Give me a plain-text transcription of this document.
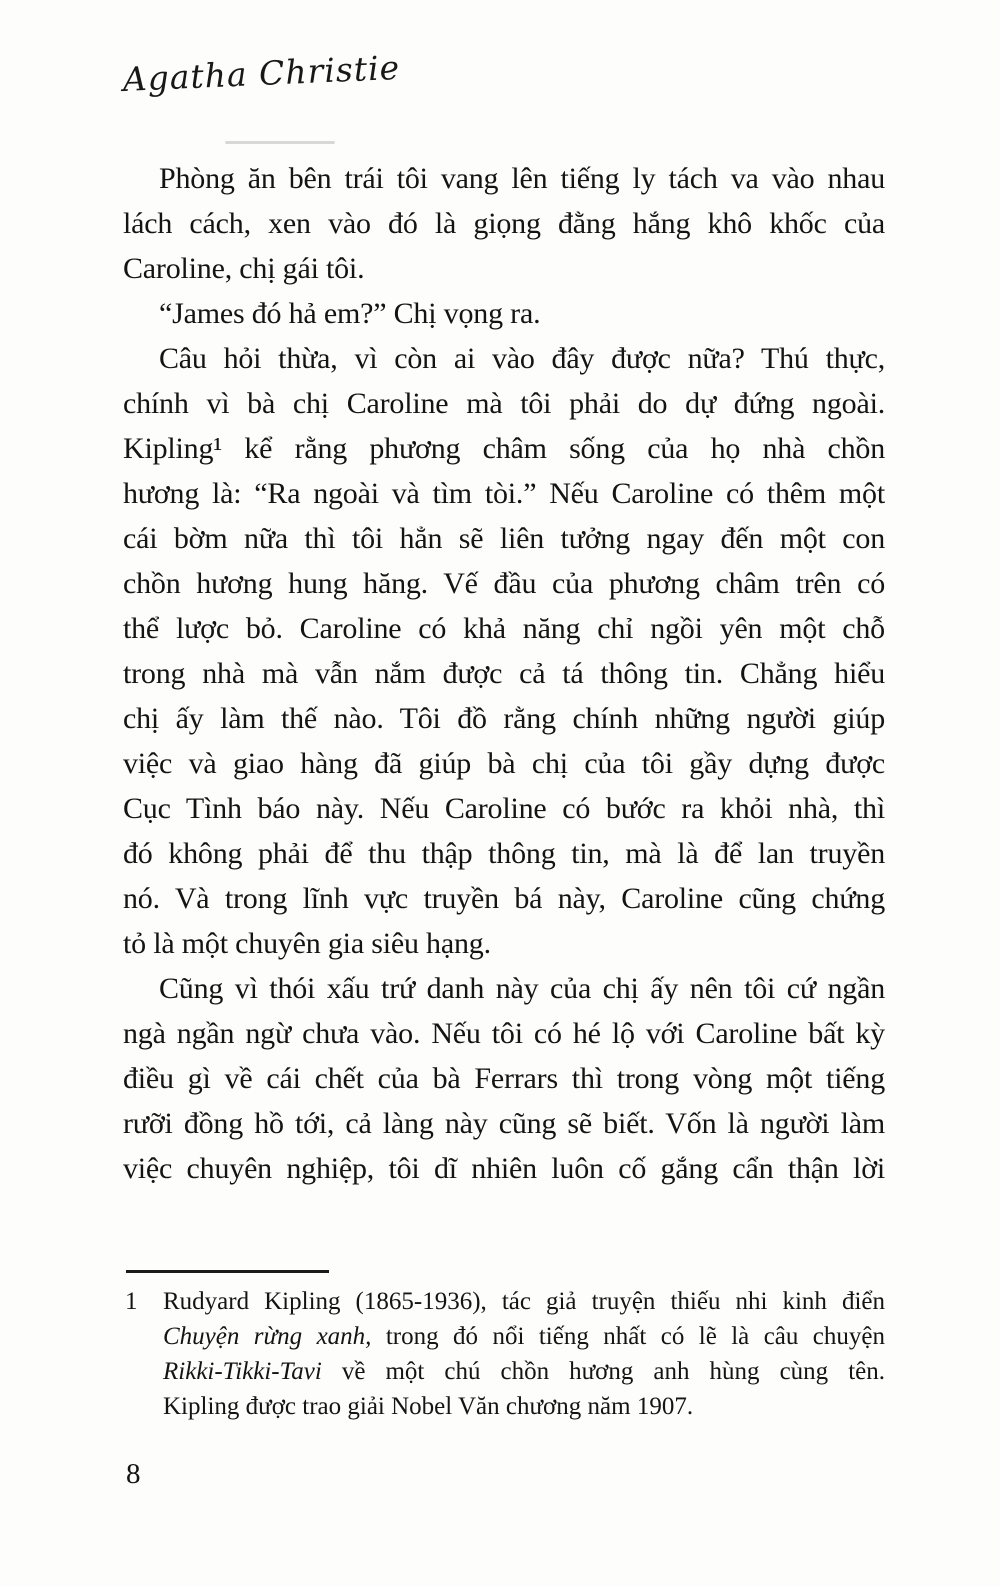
Agatha Christie
Phòng ăn bên trái tôi vang lên tiếng ly tách va vào nhau
lách cách, xen vào đó là giọng đằng hắng khô khốc của
Caroline, chị gái tôi.
“James đó hả em?” Chị vọng ra.
Câu hỏi thừa, vì còn ai vào đây được nữa? Thú thực,
chính vì bà chị Caroline mà tôi phải do dự đứng ngoài.
Kipling¹ kể rằng phương châm sống của họ nhà chồn
hương là: “Ra ngoài và tìm tòi.” Nếu Caroline có thêm một
cái bờm nữa thì tôi hẳn sẽ liên tưởng ngay đến một con
chồn hương hung hăng. Vế đầu của phương châm trên có
thể lược bỏ. Caroline có khả năng chỉ ngồi yên một chỗ
trong nhà mà vẫn nắm được cả tá thông tin. Chẳng hiểu
chị ấy làm thế nào. Tôi đồ rằng chính những người giúp
việc và giao hàng đã giúp bà chị của tôi gầy dựng được
Cục Tình báo này. Nếu Caroline có bước ra khỏi nhà, thì
đó không phải để thu thập thông tin, mà là để lan truyền
nó. Và trong lĩnh vực truyền bá này, Caroline cũng chứng
tỏ là một chuyên gia siêu hạng.
Cũng vì thói xấu trứ danh này của chị ấy nên tôi cứ ngần
ngà ngần ngừ chưa vào. Nếu tôi có hé lộ với Caroline bất kỳ
điều gì về cái chết của bà Ferrars thì trong vòng một tiếng
rưỡi đồng hồ tới, cả làng này cũng sẽ biết. Vốn là người làm
việc chuyên nghiệp, tôi dĩ nhiên luôn cố gắng cẩn thận lời
1 Rudyard Kipling (1865-1936), tác giả truyện thiếu nhi kinh điển
Chuyện rừng xanh, trong đó nổi tiếng nhất có lẽ là câu chuyện
Rikki-Tikki-Tavi về một chú chồn hương anh hùng cùng tên.
Kipling được trao giải Nobel Văn chương năm 1907.
8
